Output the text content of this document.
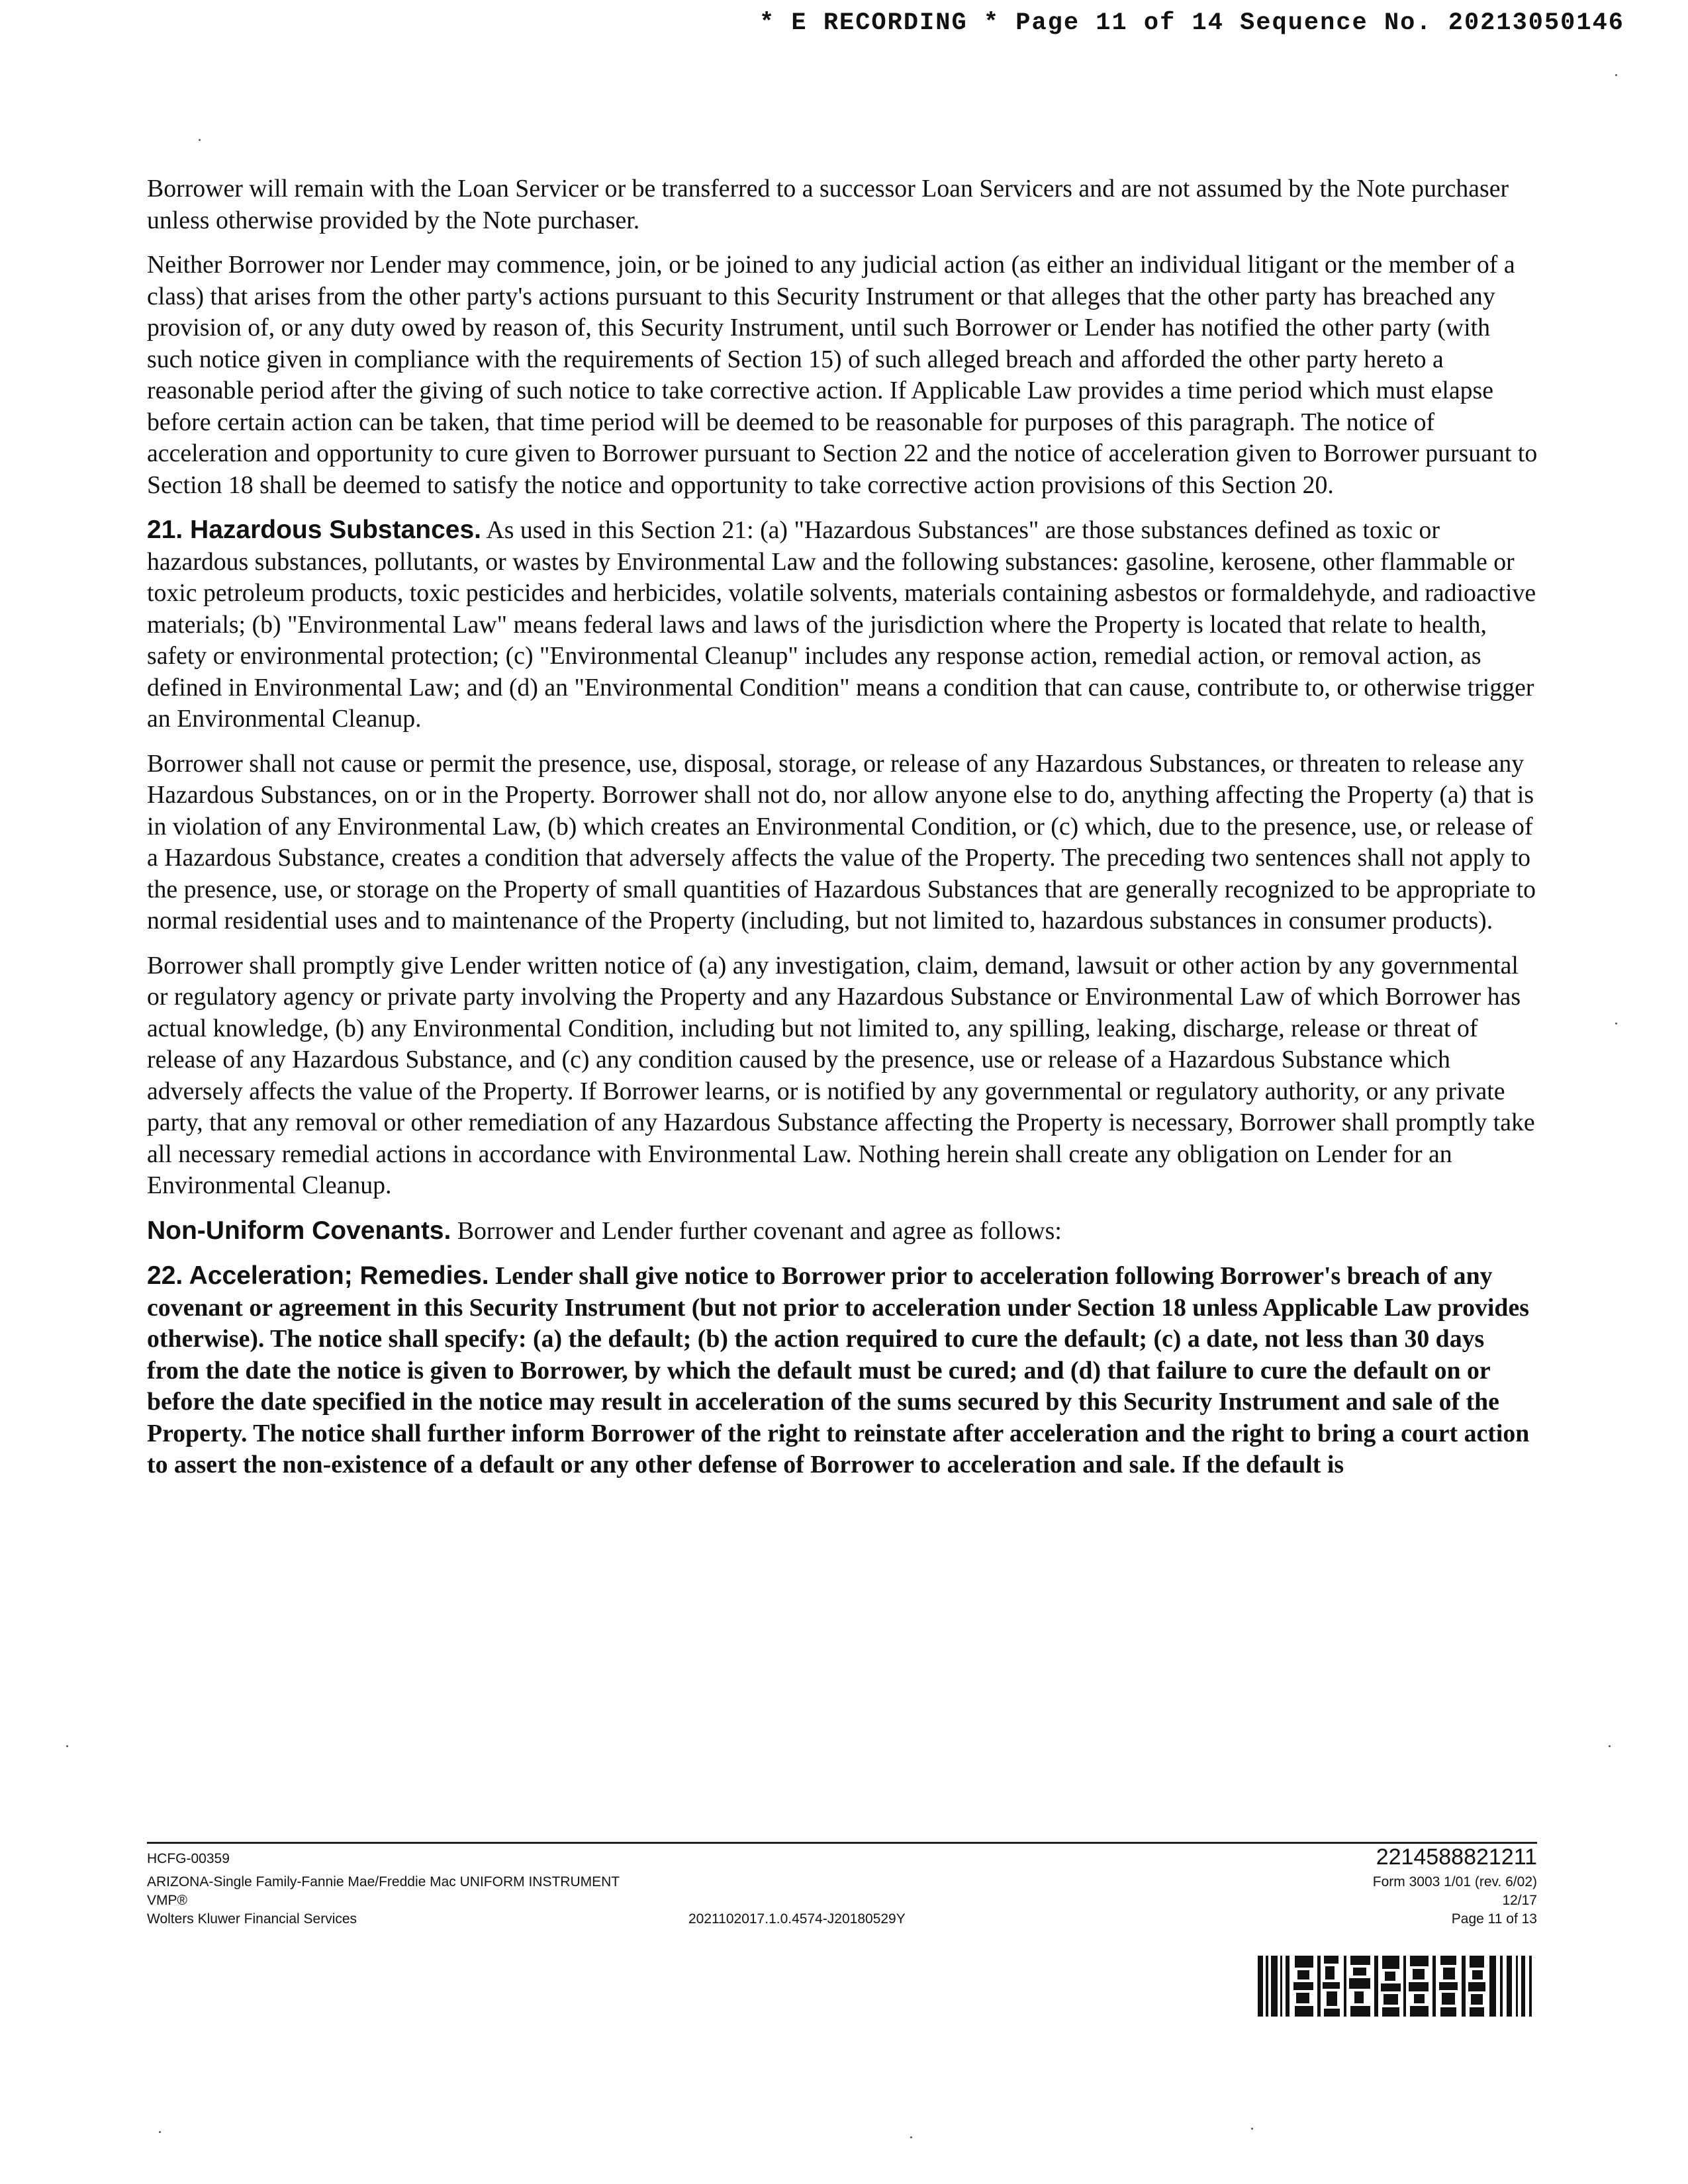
* E RECORDING * Page 11 of 14 Sequence No. 20213050146

Borrower will remain with the Loan Servicer or be transferred to a successor Loan Servicers and are not assumed by the Note purchaser unless otherwise provided by the Note purchaser.

Neither Borrower nor Lender may commence, join, or be joined to any judicial action (as either an individual litigant or the member of a class) that arises from the other party's actions pursuant to this Security Instrument or that alleges that the other party has breached any provision of, or any duty owed by reason of, this Security Instrument, until such Borrower or Lender has notified the other party (with such notice given in compliance with the requirements of Section 15) of such alleged breach and afforded the other party hereto a reasonable period after the giving of such notice to take corrective action. If Applicable Law provides a time period which must elapse before certain action can be taken, that time period will be deemed to be reasonable for purposes of this paragraph. The notice of acceleration and opportunity to cure given to Borrower pursuant to Section 22 and the notice of acceleration given to Borrower pursuant to Section 18 shall be deemed to satisfy the notice and opportunity to take corrective action provisions of this Section 20.

21. Hazardous Substances. As used in this Section 21: (a) "Hazardous Substances" are those substances defined as toxic or hazardous substances, pollutants, or wastes by Environmental Law and the following substances: gasoline, kerosene, other flammable or toxic petroleum products, toxic pesticides and herbicides, volatile solvents, materials containing asbestos or formaldehyde, and radioactive materials; (b) "Environmental Law" means federal laws and laws of the jurisdiction where the Property is located that relate to health, safety or environmental protection; (c) "Environmental Cleanup" includes any response action, remedial action, or removal action, as defined in Environmental Law; and (d) an "Environmental Condition" means a condition that can cause, contribute to, or otherwise trigger an Environmental Cleanup.

Borrower shall not cause or permit the presence, use, disposal, storage, or release of any Hazardous Substances, or threaten to release any Hazardous Substances, on or in the Property. Borrower shall not do, nor allow anyone else to do, anything affecting the Property (a) that is in violation of any Environmental Law, (b) which creates an Environmental Condition, or (c) which, due to the presence, use, or release of a Hazardous Substance, creates a condition that adversely affects the value of the Property. The preceding two sentences shall not apply to the presence, use, or storage on the Property of small quantities of Hazardous Substances that are generally recognized to be appropriate to normal residential uses and to maintenance of the Property (including, but not limited to, hazardous substances in consumer products).

Borrower shall promptly give Lender written notice of (a) any investigation, claim, demand, lawsuit or other action by any governmental or regulatory agency or private party involving the Property and any Hazardous Substance or Environmental Law of which Borrower has actual knowledge, (b) any Environmental Condition, including but not limited to, any spilling, leaking, discharge, release or threat of release of any Hazardous Substance, and (c) any condition caused by the presence, use or release of a Hazardous Substance which adversely affects the value of the Property. If Borrower learns, or is notified by any governmental or regulatory authority, or any private party, that any removal or other remediation of any Hazardous Substance affecting the Property is necessary, Borrower shall promptly take all necessary remedial actions in accordance with Environmental Law. Nothing herein shall create any obligation on Lender for an Environmental Cleanup.

Non-Uniform Covenants. Borrower and Lender further covenant and agree as follows:

22. Acceleration; Remedies. Lender shall give notice to Borrower prior to acceleration following Borrower's breach of any covenant or agreement in this Security Instrument (but not prior to acceleration under Section 18 unless Applicable Law provides otherwise). The notice shall specify: (a) the default; (b) the action required to cure the default; (c) a date, not less than 30 days from the date the notice is given to Borrower, by which the default must be cured; and (d) that failure to cure the default on or before the date specified in the notice may result in acceleration of the sums secured by this Security Instrument and sale of the Property. The notice shall further inform Borrower of the right to reinstate after acceleration and the right to bring a court action to assert the non-existence of a default or any other defense of Borrower to acceleration and sale. If the default is

HCFG-00359
ARIZONA-Single Family-Fannie Mae/Freddie Mac UNIFORM INSTRUMENT
VMP®
Wolters Kluwer Financial Services	2021102017.1.0.4574-J20180529Y
2214588821211
Form 3003 1/01 (rev. 6/02)
12/17
Page 11 of 13
